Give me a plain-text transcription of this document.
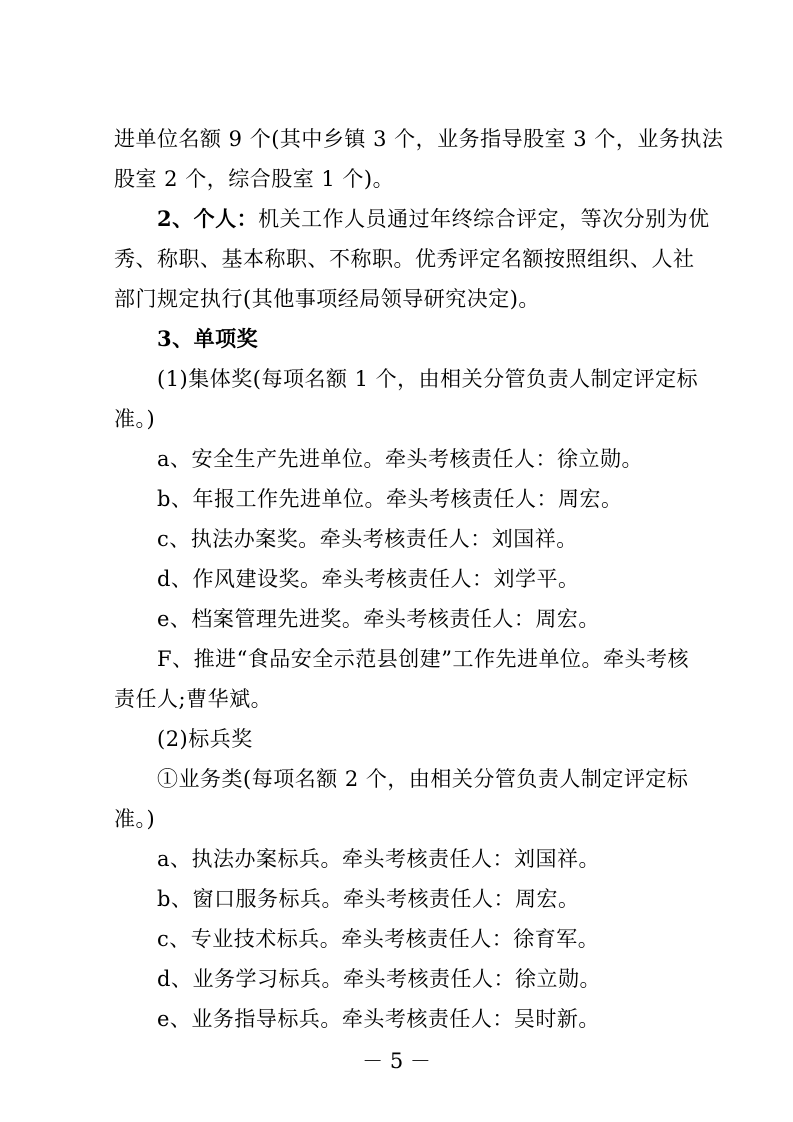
进单位名额 9 个(其中乡镇 3 个，业务指导股室 3 个，业务执法
股室 2 个，综合股室 1 个)。
2、个人：机关工作人员通过年终综合评定，等次分别为优
秀、称职、基本称职、不称职。优秀评定名额按照组织、人社
部门规定执行(其他事项经局领导研究决定)。
3、单项奖
(1)集体奖(每项名额 1 个，由相关分管负责人制定评定标
准。)
a、安全生产先进单位。牵头考核责任人：徐立勋。
b、年报工作先进单位。牵头考核责任人：周宏。
c、执法办案奖。牵头考核责任人：刘国祥。
d、作风建设奖。牵头考核责任人：刘学平。
e、档案管理先进奖。牵头考核责任人：周宏。
F、推进“食品安全示范县创建”工作先进单位。牵头考核
责任人;曹华斌。
(2)标兵奖
①业务类(每项名额 2 个，由相关分管负责人制定评定标
准。)
a、执法办案标兵。牵头考核责任人：刘国祥。
b、窗口服务标兵。牵头考核责任人：周宏。
c、专业技术标兵。牵头考核责任人：徐育军。
d、业务学习标兵。牵头考核责任人：徐立勋。
e、业务指导标兵。牵头考核责任人：吴时新。
－ 5 －
